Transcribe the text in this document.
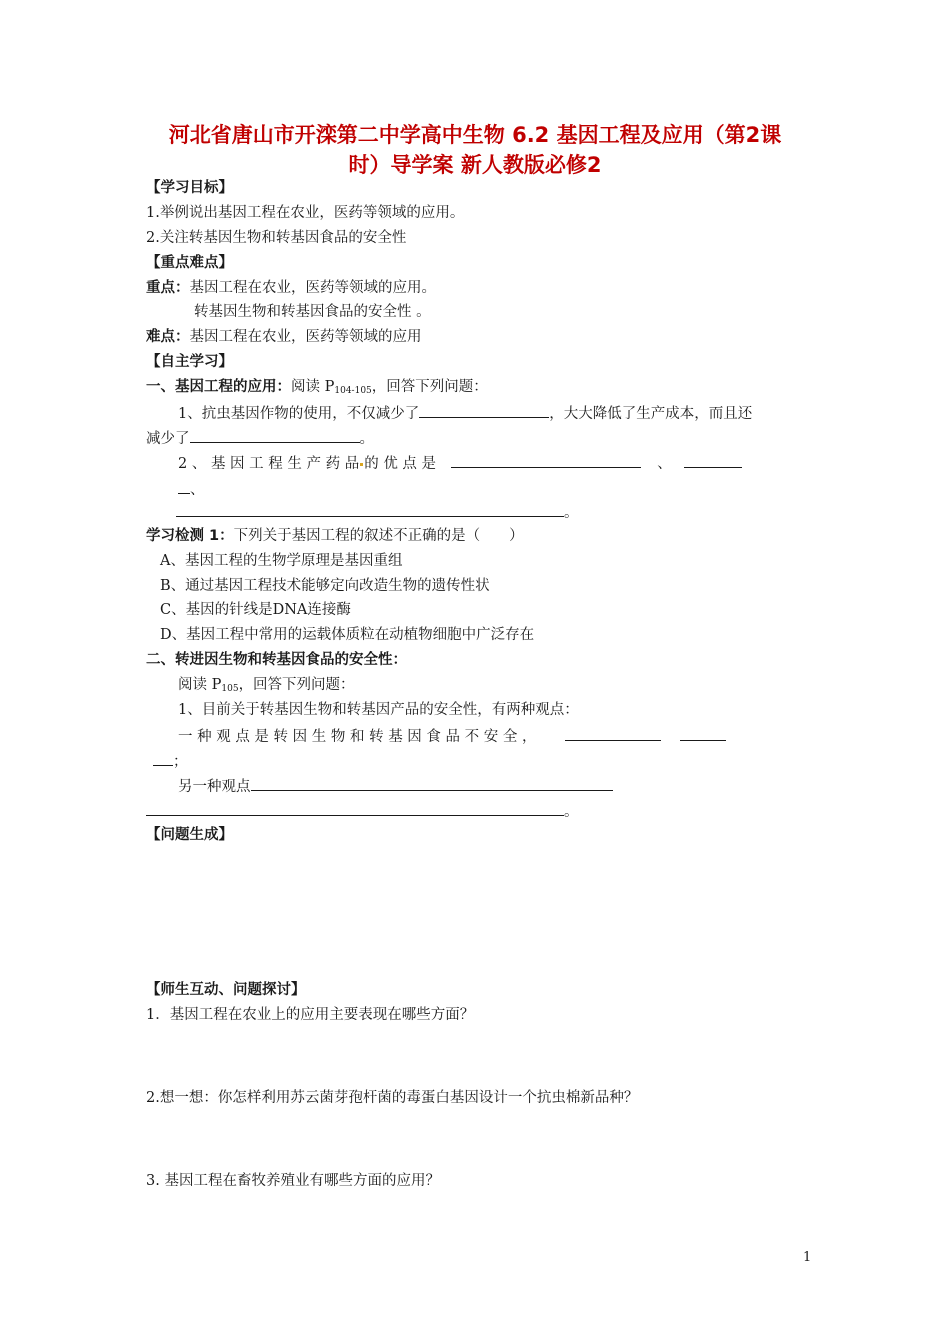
河北省唐山市开滦第二中学高中生物 6.2 基因工程及应用（第2课
时）导学案 新人教版必修2
【学习目标】
1.举例说出基因工程在农业，医药等领域的应用。
2.关注转基因生物和转基因食品的安全性
【重点难点】
重点：基因工程在农业，医药等领域的应用。
转基因生物和转基因食品的安全性 。
难点：基因工程在农业，医药等领域的应用
【自主学习】
一、基因工程的应用：阅读 $P_{104-105}$，回答下列问题：
1、抗虫基因作物的使用，不仅减少了	，大大降低了生产成本，而且还
减少了	。
2 、 基 因 工 程 生 产 药 品 的 优 点 是	、
、
。
学习检测 1：下列关于基因工程的叙述不正确的是（　　）
A、基因工程的生物学原理是基因重组
B、通过基因工程技术能够定向改造生物的遗传性状
C、基因的针线是DNA连接酶
D、基因工程中常用的运载体质粒在动植物细胞中广泛存在
二、转进因生物和转基因食品的安全性：
阅读 $P_{105}$，回答下列问题：
1、目前关于转基因生物和转基因产品的安全性，有两种观点：
一 种 观 点 是 转 因 生 物 和 转 基 因 食 品 不 安 全 ，
；
另一种观点
。
【问题生成】
【师生互动、问题探讨】
1．基因工程在农业上的应用主要表现在哪些方面？
2.想一想：你怎样利用苏云菌芽孢杆菌的毒蛋白基因设计一个抗虫棉新品种？
3. 基因工程在畜牧养殖业有哪些方面的应用？
1
